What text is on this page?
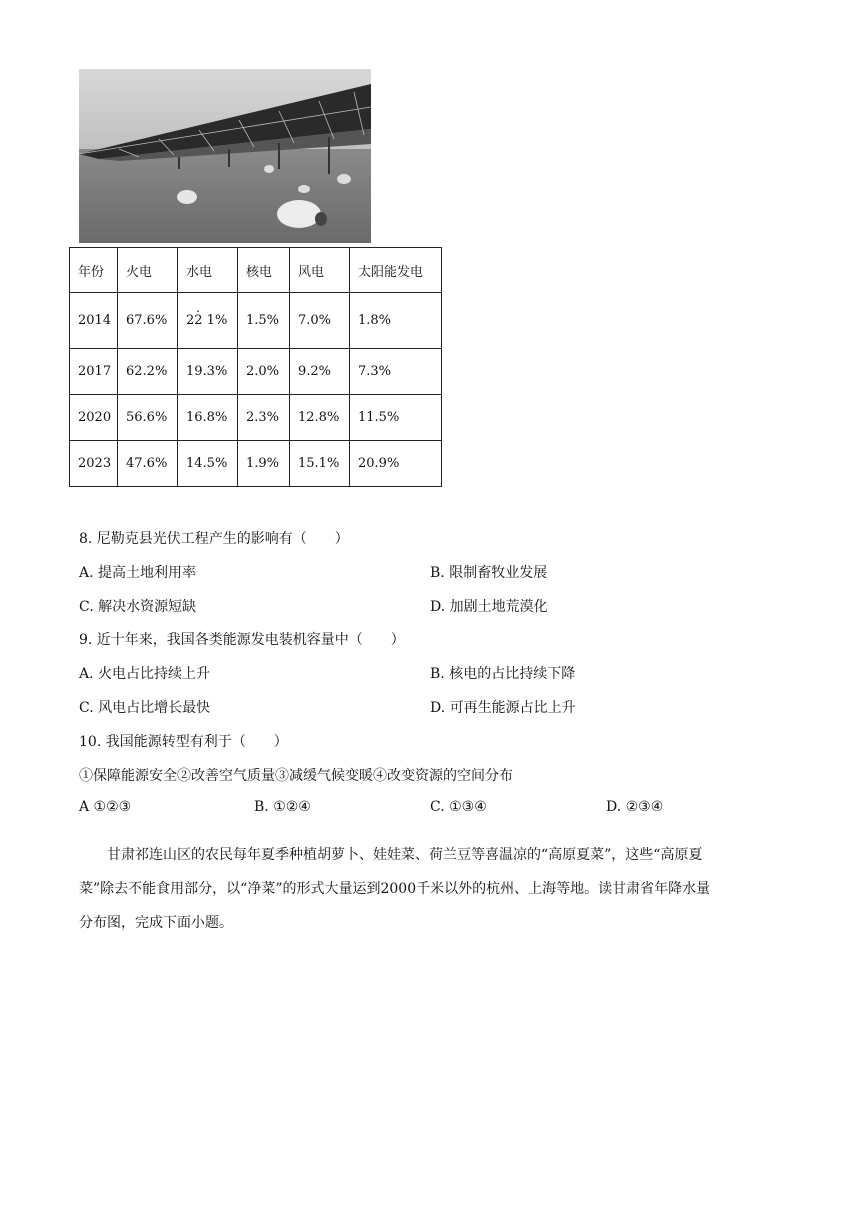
年份	火电	水电	核电	风电	太阳能发电
2014	67.6%	22 1% .	1.5%	7.0%	1.8%
2017	62.2%	19.3%	2.0%	9.2%	7.3%
2020	56.6%	16.8%	2.3%	12.8%	11.5%
2023	47.6%	14.5%	1.9%	15.1%	20.9%
8. 尼勒克县光伏工程产生的影响有（　　）
A. 提高土地利用率	B. 限制畜牧业发展
C. 解决水资源短缺	D. 加剧土地荒漠化
9. 近十年来，我国各类能源发电装机容量中（　　）
A. 火电占比持续上升	B. 核电的占比持续下降
C. 风电占比增长最快	D. 可再生能源占比上升
10. 我国能源转型有利于（　　）
①保障能源安全②改善空气质量③减缓气候变暖④改变资源的空间分布
A ①②③	B. ①②④	C. ①③④	D. ②③④
甘肃祁连山区的农民每年夏季种植胡萝卜、娃娃菜、荷兰豆等喜温凉的“高原夏菜”，这些“高原夏
菜”除去不能食用部分，以“净菜”的形式大量运到2000千米以外的杭州、上海等地。读甘肃省年降水量
分布图，完成下面小题。
